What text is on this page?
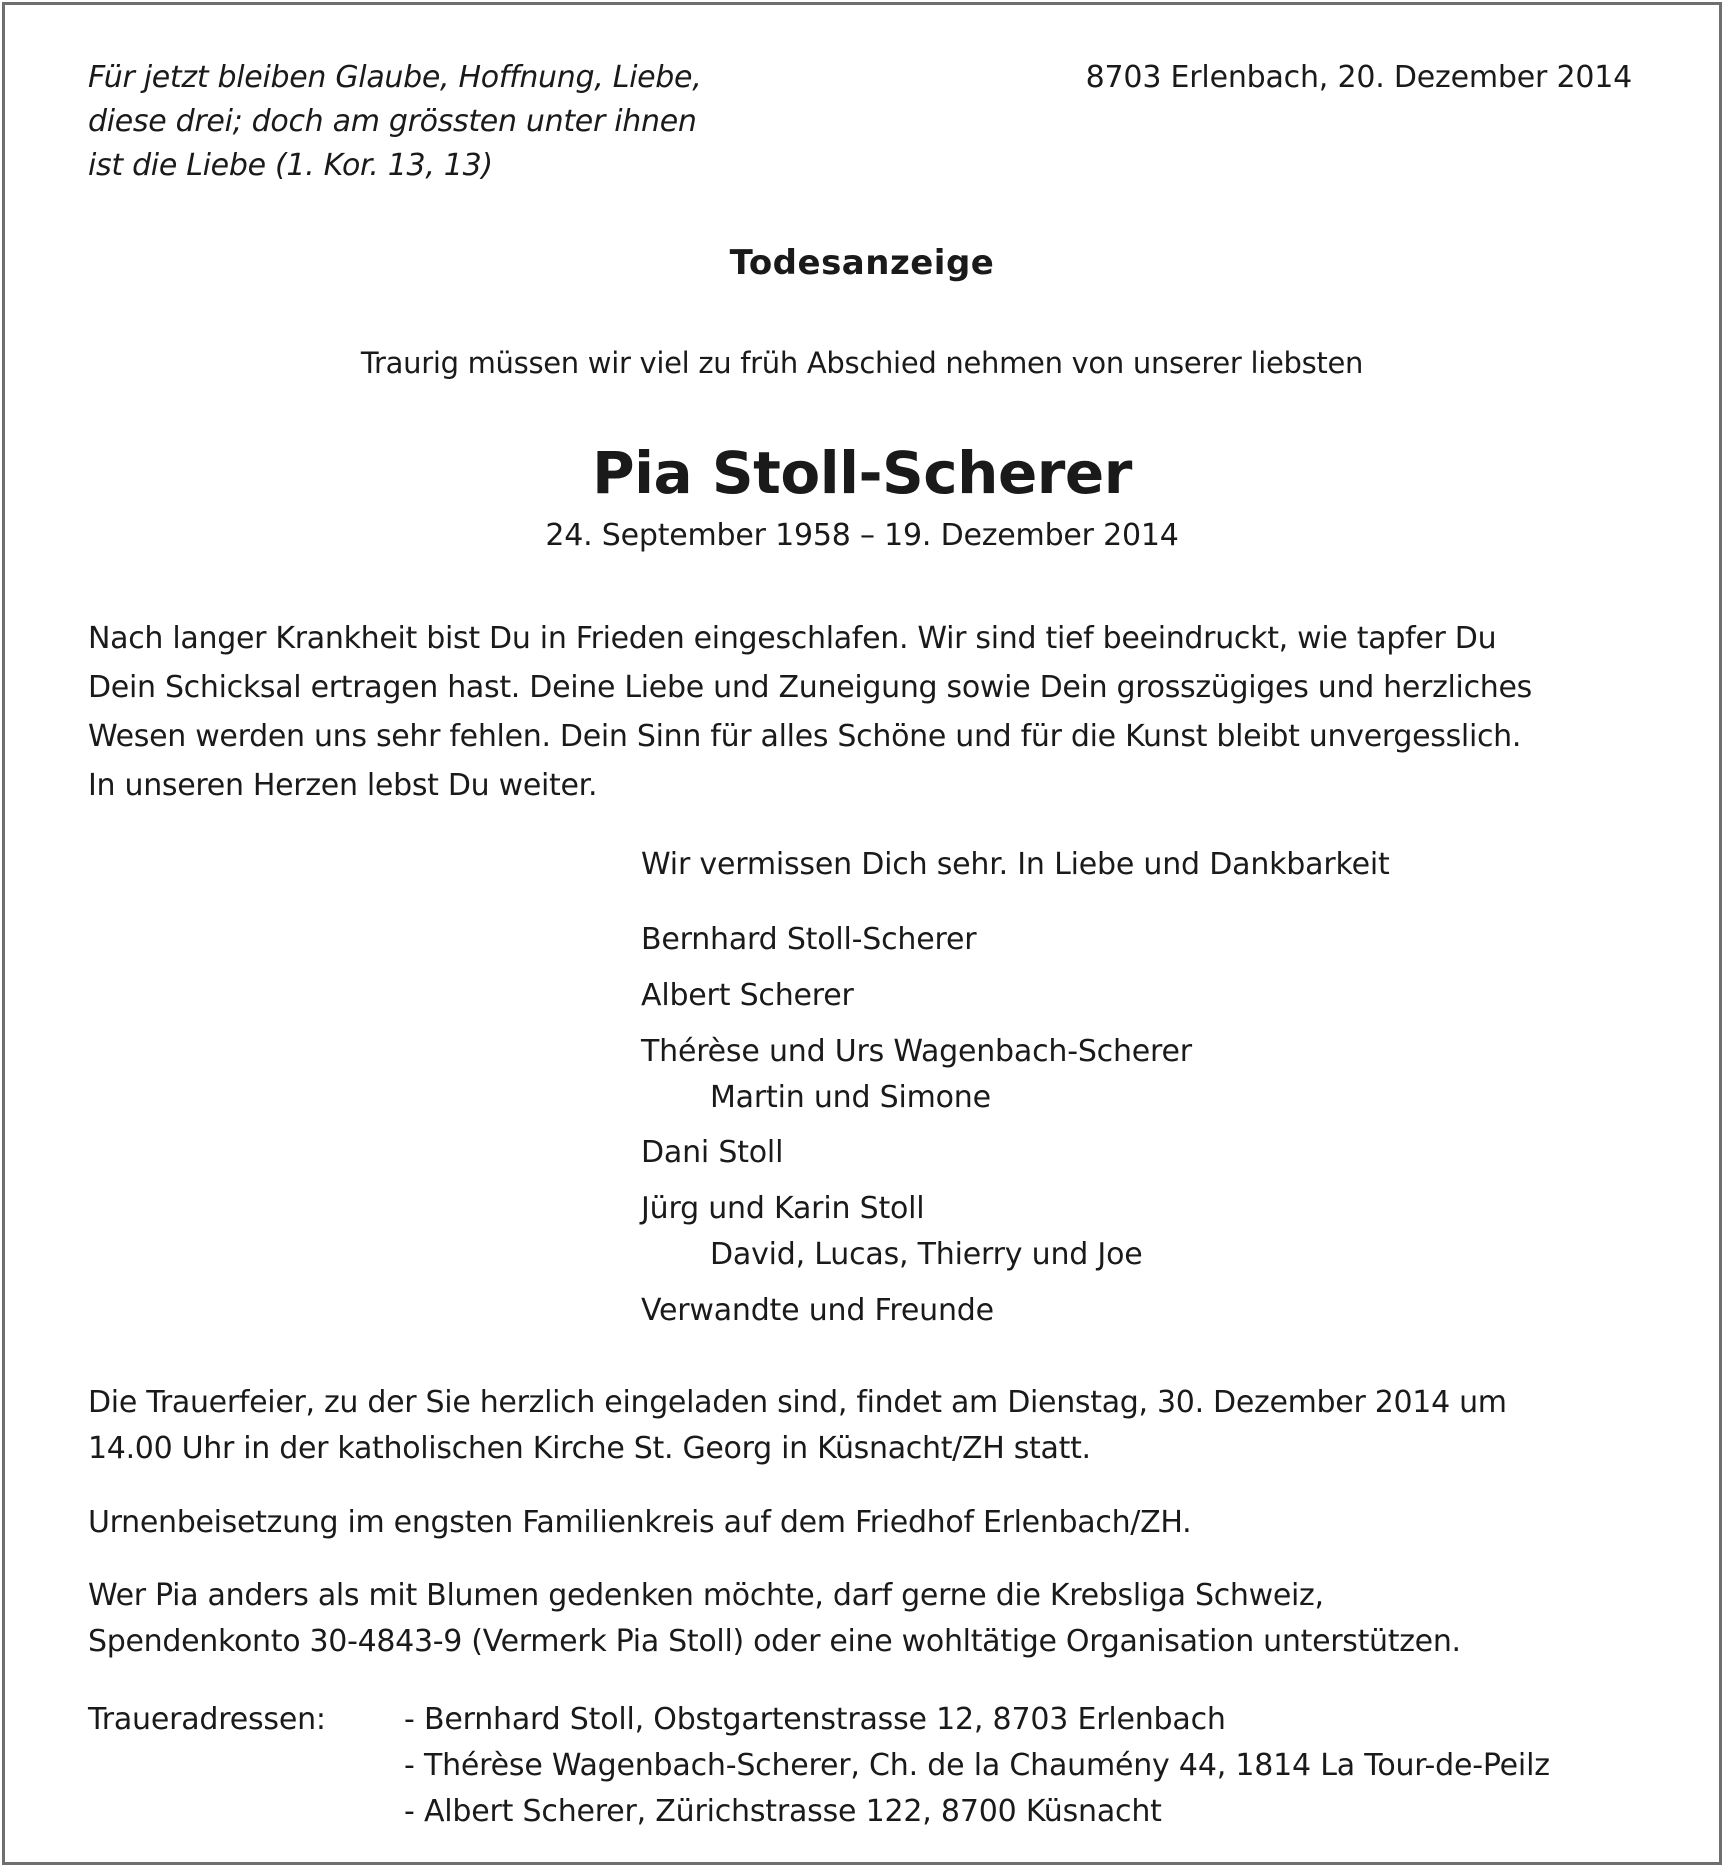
Für jetzt bleiben Glaube, Hoffnung, Liebe,
diese drei; doch am grössten unter ihnen
ist die Liebe (1. Kor. 13, 13)
8703 Erlenbach, 20. Dezember 2014
Todesanzeige
Traurig müssen wir viel zu früh Abschied nehmen von unserer liebsten
Pia Stoll-Scherer
24. September 1958 – 19. Dezember 2014
Nach langer Krankheit bist Du in Frieden eingeschlafen. Wir sind tief beeindruckt, wie tapfer Du
Dein Schicksal ertragen hast. Deine Liebe und Zuneigung sowie Dein grosszügiges und herzliches
Wesen werden uns sehr fehlen. Dein Sinn für alles Schöne und für die Kunst bleibt unvergesslich.
In unseren Herzen lebst Du weiter.
Wir vermissen Dich sehr. In Liebe und Dankbarkeit
Bernhard Stoll-Scherer
Albert Scherer
Thérèse und Urs Wagenbach-Scherer
Martin und Simone
Dani Stoll
Jürg und Karin Stoll
David, Lucas, Thierry und Joe
Verwandte und Freunde
Die Trauerfeier, zu der Sie herzlich eingeladen sind, findet am Dienstag, 30. Dezember 2014 um
14.00 Uhr in der katholischen Kirche St. Georg in Küsnacht/ZH statt.
Urnenbeisetzung im engsten Familienkreis auf dem Friedhof Erlenbach/ZH.
Wer Pia anders als mit Blumen gedenken möchte, darf gerne die Krebsliga Schweiz,
Spendenkonto 30-4843-9 (Vermerk Pia Stoll) oder eine wohltätige Organisation unterstützen.
Traueradressen:	- Bernhard Stoll, Obstgartenstrasse 12, 8703 Erlenbach
- Thérèse Wagenbach-Scherer, Ch. de la Chaumény 44, 1814 La Tour-de-Peilz
- Albert Scherer, Zürichstrasse 122, 8700 Küsnacht
